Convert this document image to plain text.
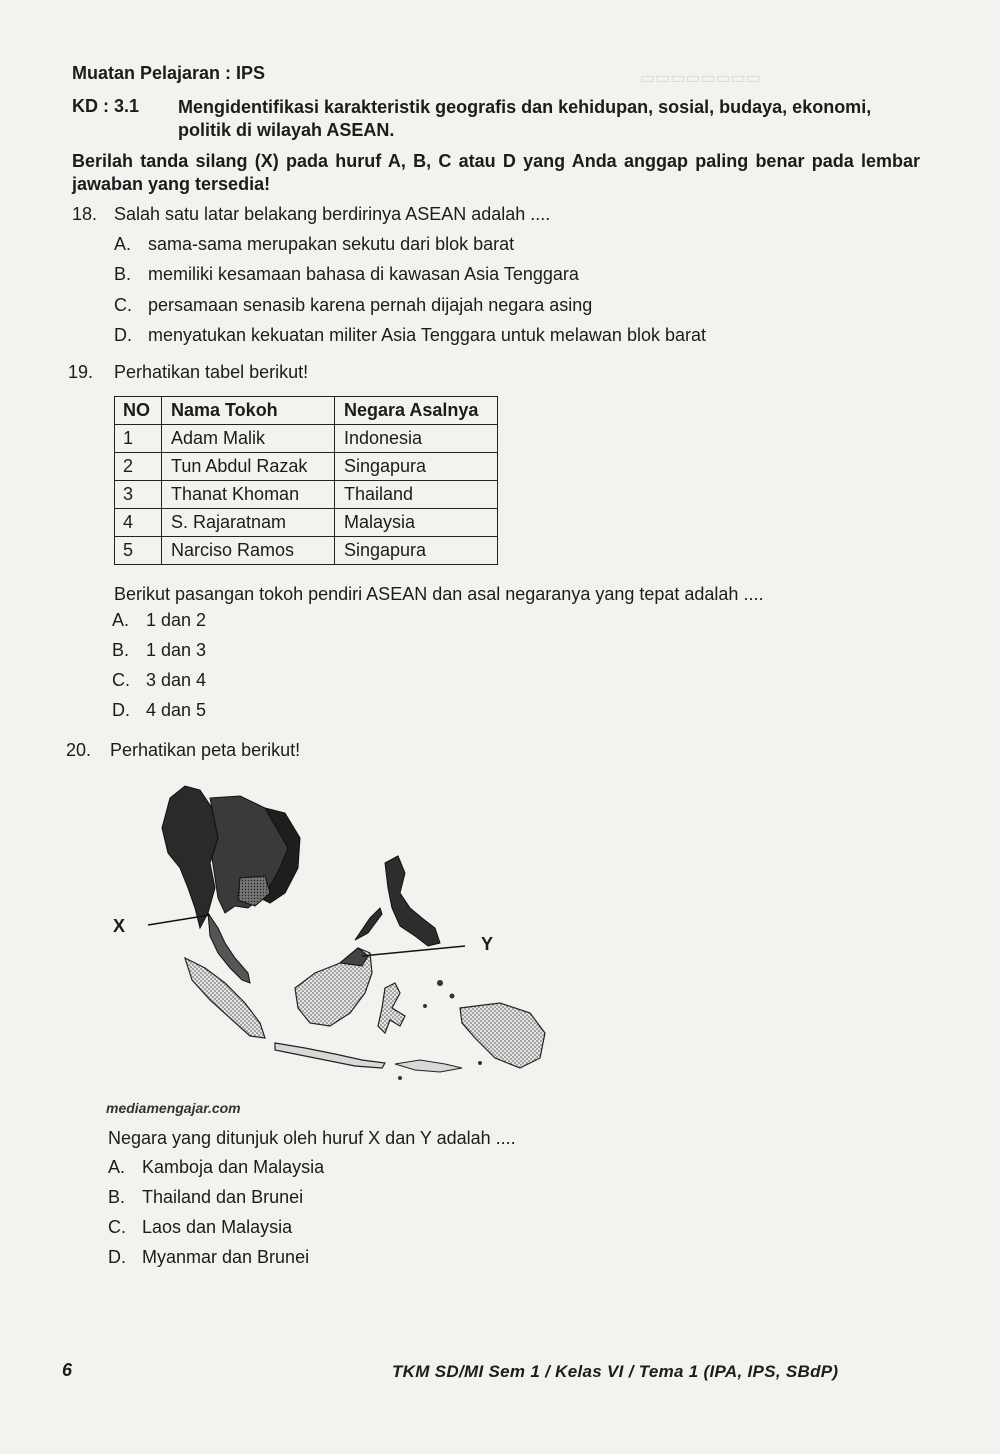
▭▭▭▭▭▭▭▭
Muatan Pelajaran : IPS
KD : 3.1 Mengidentifikasi karakteristik geografis dan kehidupan, sosial, budaya, ekonomi, politik di wilayah ASEAN.
Berilah tanda silang (X) pada huruf A, B, C atau D yang Anda anggap paling benar pada lembar jawaban yang tersedia!
18. Salah satu latar belakang berdirinya ASEAN adalah ....
A. sama-sama merupakan sekutu dari blok barat
B. memiliki kesamaan bahasa di kawasan Asia Tenggara
C. persamaan senasib karena pernah dijajah negara asing
D. menyatukan kekuatan militer Asia Tenggara untuk melawan blok barat
19. Perhatikan tabel berikut!
NO	Nama Tokoh	Negara Asalnya
1	Adam Malik	Indonesia
2	Tun Abdul Razak	Singapura
3	Thanat Khoman	Thailand
4	S. Rajaratnam	Malaysia
5	Narciso Ramos	Singapura
Berikut pasangan tokoh pendiri ASEAN dan asal negaranya yang tepat adalah ....
A. 1 dan 2
B. 1 dan 3
C. 3 dan 4
D. 4 dan 5
20. Perhatikan peta berikut!
X
Y
mediamengajar.com
Negara yang ditunjuk oleh huruf X dan Y adalah ....
A. Kamboja dan Malaysia
B. Thailand dan Brunei
C. Laos dan Malaysia
D. Myanmar dan Brunei
6	TKM SD/MI Sem 1 / Kelas VI / Tema 1 (IPA, IPS, SBdP)
